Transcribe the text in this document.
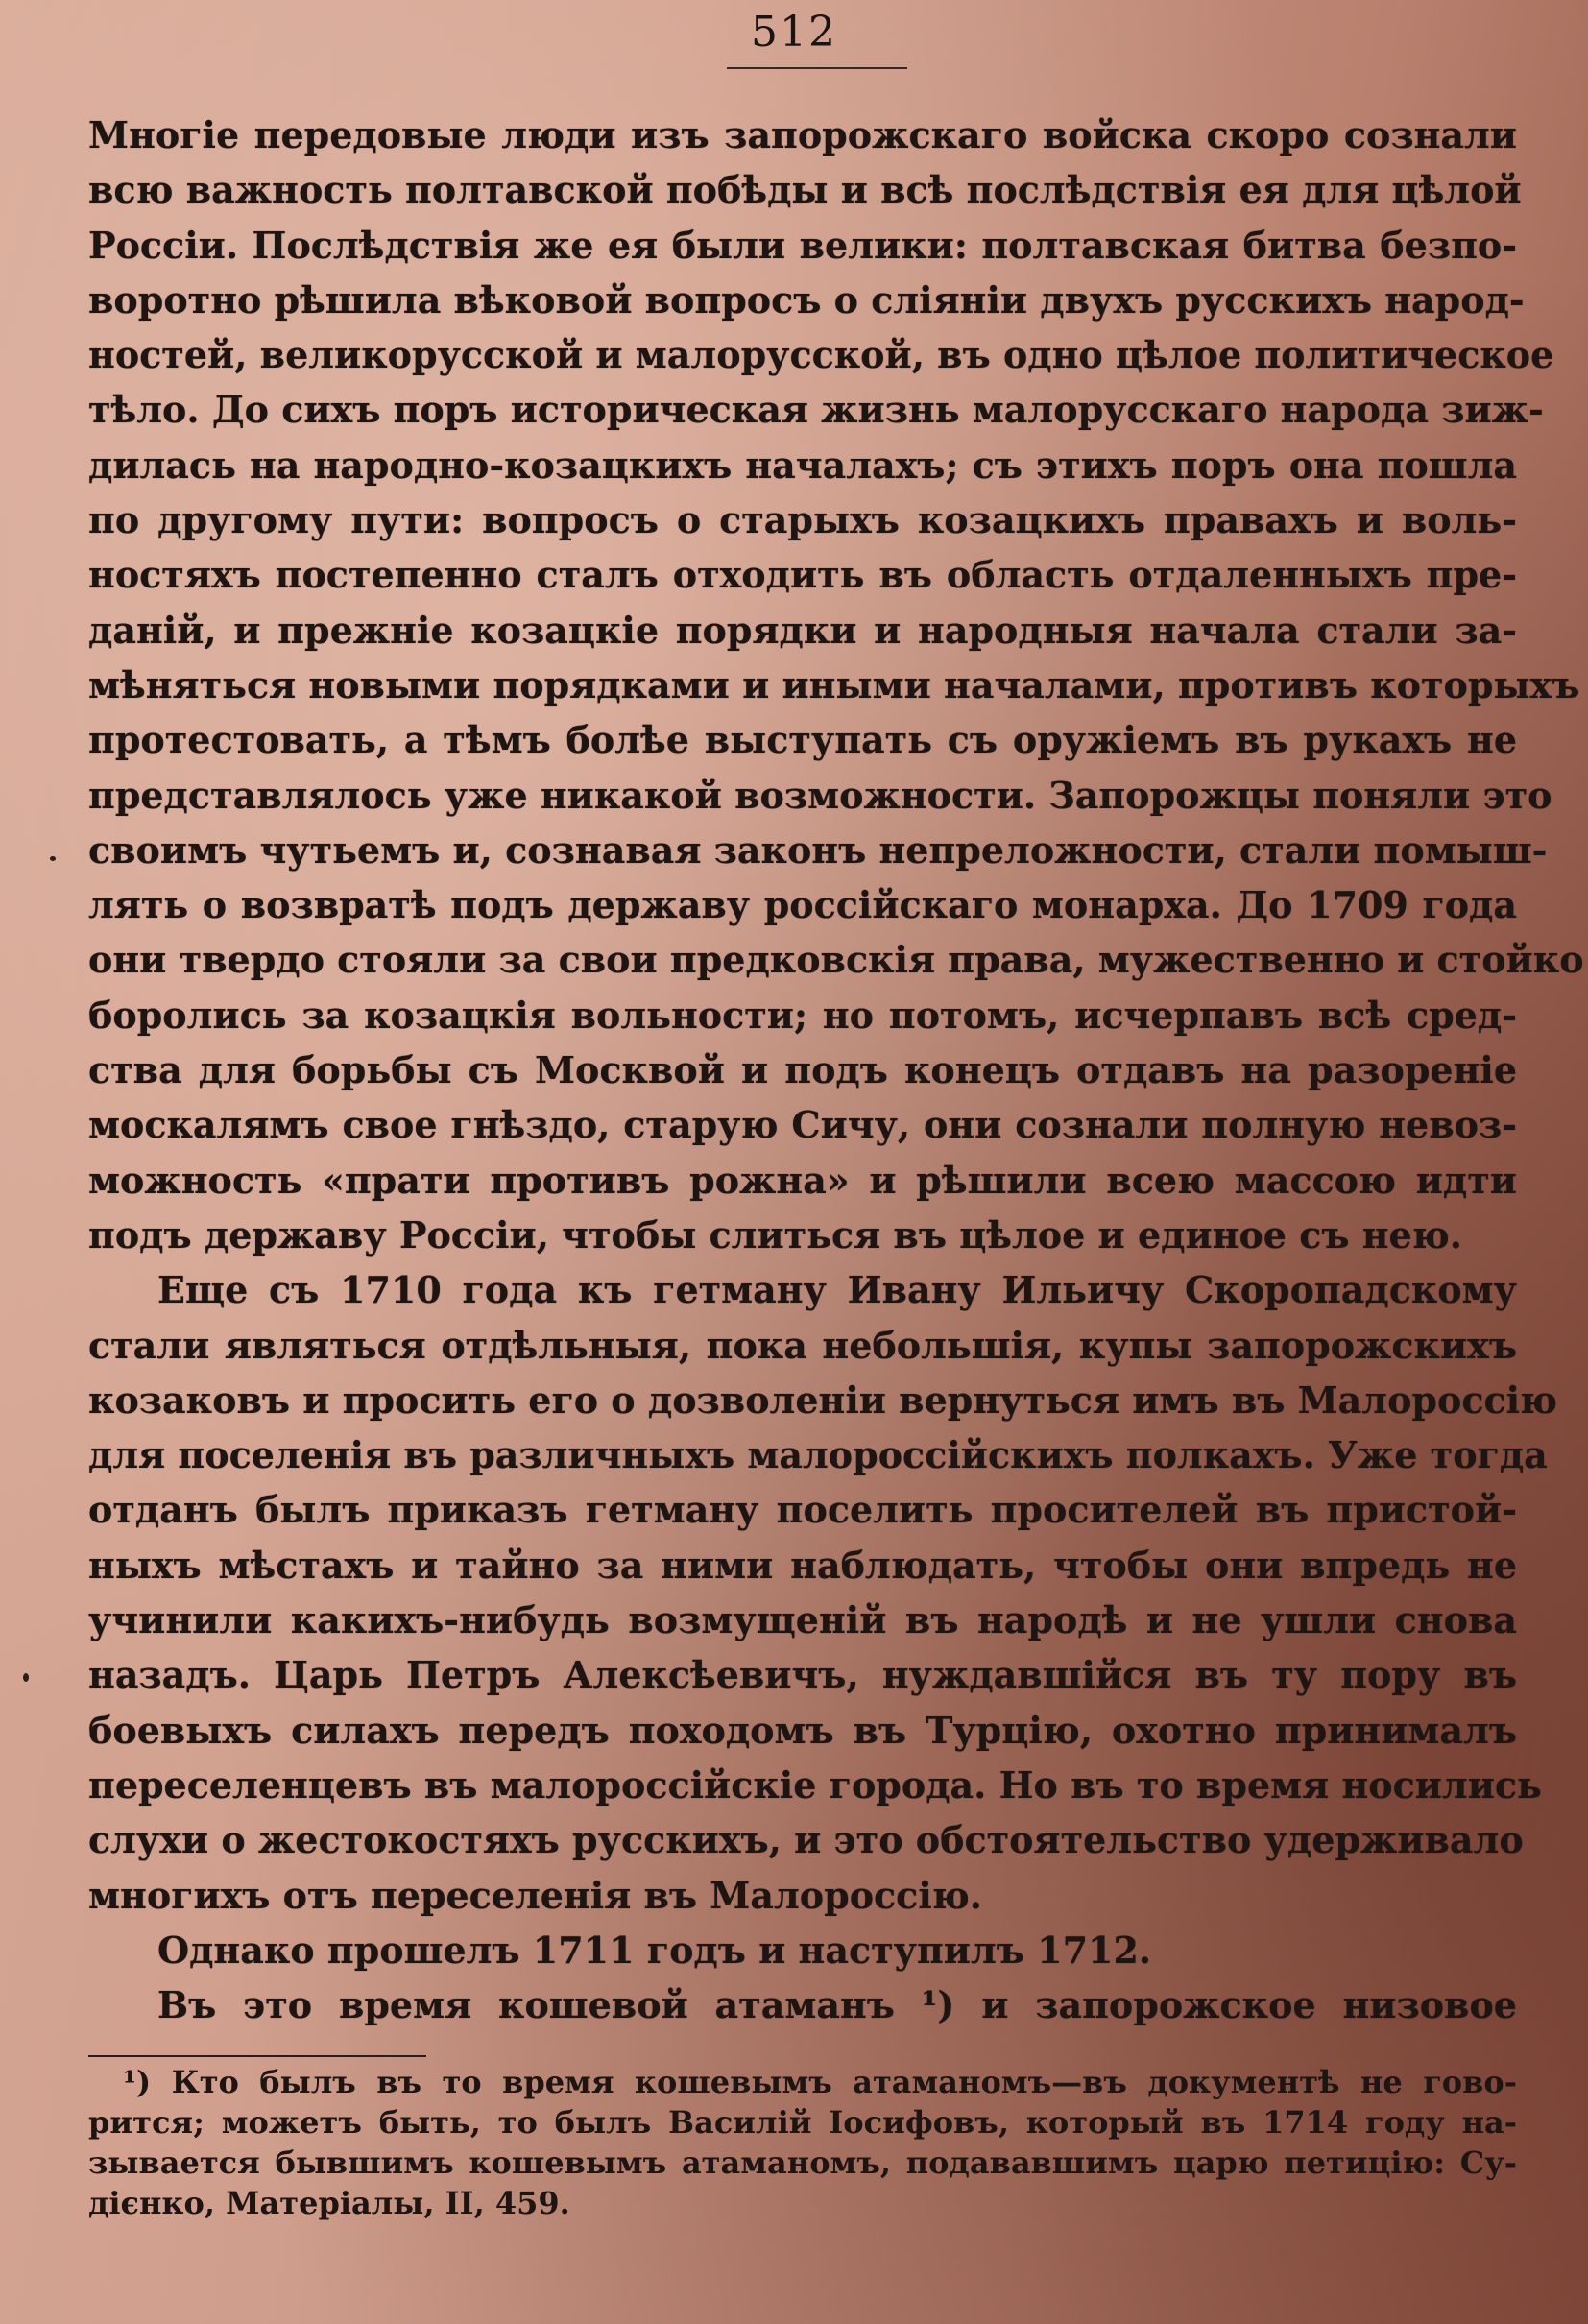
512
Многіе передовые люди изъ запорожскаго войска скоро сознали
всю важность полтавской побѣды и всѣ послѣдствія ея для цѣлой
Россіи. Послѣдствія же ея были велики: полтавская битва безпо-
воротно рѣшила вѣковой вопросъ о сліяніи двухъ русскихъ народ-
ностей, великорусской и малорусской, въ одно цѣлое политическое
тѣло. До сихъ поръ историческая жизнь малорусскаго народа зиж-
дилась на народно-козацкихъ началахъ; съ этихъ поръ она пошла
по другому пути: вопросъ о старыхъ козацкихъ правахъ и воль-
ностяхъ постепенно сталъ отходить въ область отдаленныхъ пре-
даній, и прежніе козацкіе порядки и народныя начала стали за-
мѣняться новыми порядками и иными началами, противъ которыхъ
протестовать, а тѣмъ болѣе выступать съ оружіемъ въ рукахъ не
представлялось уже никакой возможности. Запорожцы поняли это
своимъ чутьемъ и, сознавая законъ непреложности, стали помыш-
лять о возвратѣ подъ державу россійскаго монарха. До 1709 года
они твердо стояли за свои предковскія права, мужественно и стойко
боролись за козацкія вольности; но потомъ, исчерпавъ всѣ сред-
ства для борьбы съ Москвой и подъ конецъ отдавъ на разореніе
москалямъ свое гнѣздо, старую Сичу, они сознали полную невоз-
можность «прати противъ рожна» и рѣшили всею массою идти
подъ державу Россіи, чтобы слиться въ цѣлое и единое съ нею.
Еще съ 1710 года къ гетману Ивану Ильичу Скоропадскому
стали являться отдѣльныя, пока небольшія, купы запорожскихъ
козаковъ и просить его о дозволеніи вернуться имъ въ Малороссію
для поселенія въ различныхъ малороссійскихъ полкахъ. Уже тогда
отданъ былъ приказъ гетману поселить просителей въ пристой-
ныхъ мѣстахъ и тайно за ними наблюдать, чтобы они впредь не
учинили какихъ-нибудь возмущеній въ народѣ и не ушли снова
назадъ. Царь Петръ Алексѣевичъ, нуждавшійся въ ту пору въ
боевыхъ силахъ передъ походомъ въ Турцію, охотно принималъ
переселенцевъ въ малороссійскіе города. Но въ то время носились
слухи о жестокостяхъ русскихъ, и это обстоятельство удерживало
многихъ отъ переселенія въ Малороссію.
Однако прошелъ 1711 годъ и наступилъ 1712.
Въ это время кошевой атаманъ ¹) и запорожское низовое
¹) Кто былъ въ то время кошевымъ атаманомъ—въ документѣ не гово-
рится; можетъ быть, то былъ Василій Іосифовъ, который въ 1714 году на-
зывается бывшимъ кошевымъ атаманомъ, подававшимъ царю петицію: Су-
дієнко, Матеріалы, II, 459.
